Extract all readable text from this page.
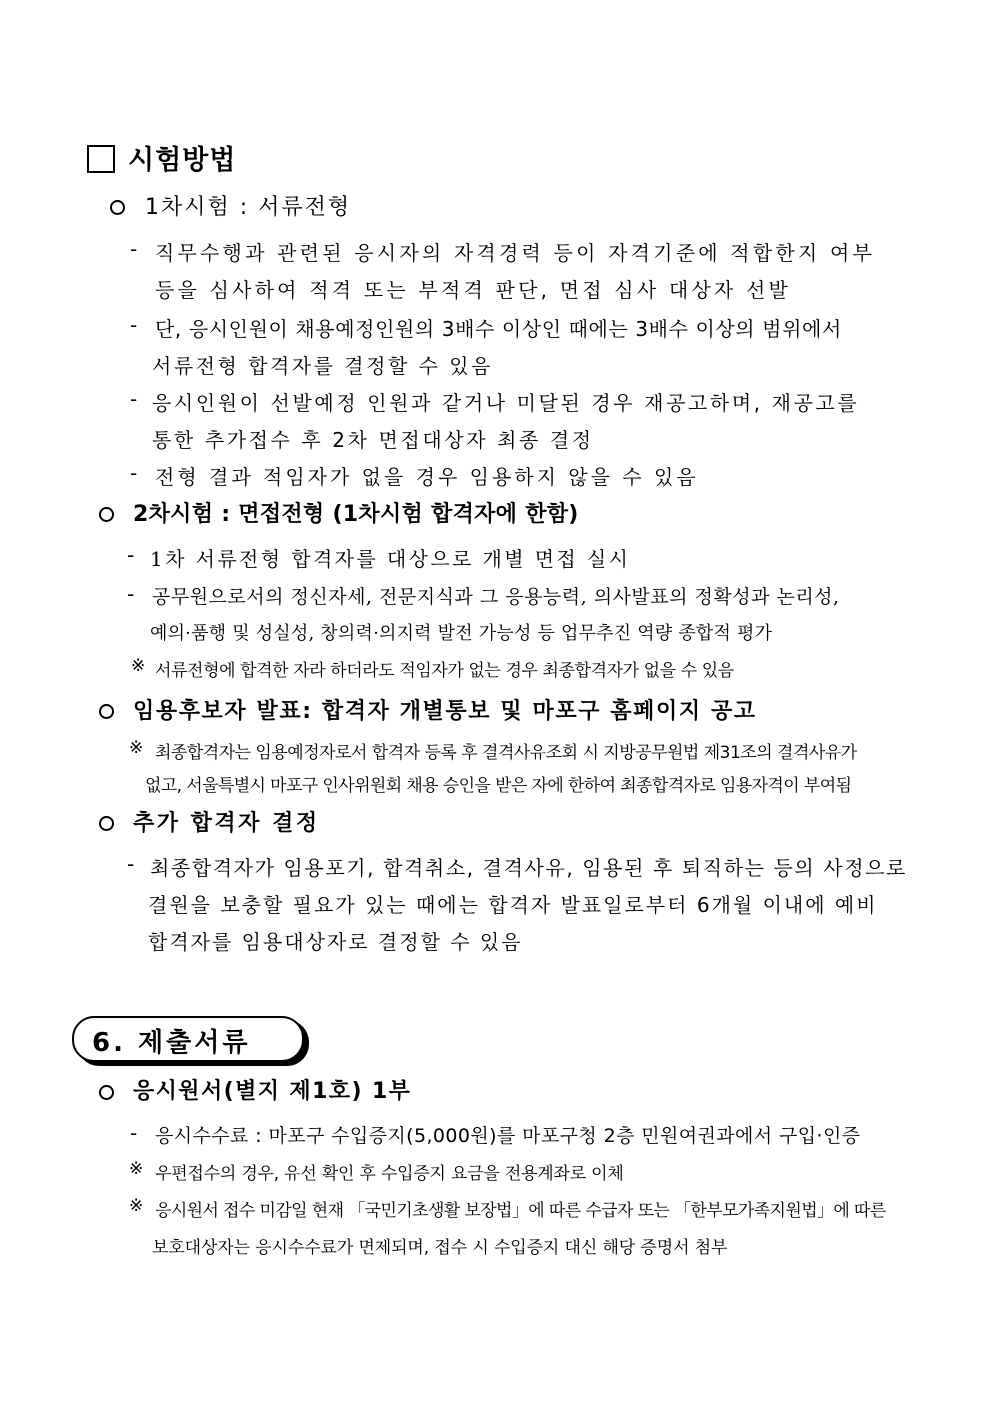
시험방법
1차시험 : 서류전형
- 직무수행과 관련된 응시자의 자격경력 등이 자격기준에 적합한지 여부
등을 심사하여 적격 또는 부적격 판단, 면접 심사 대상자 선발
- 단, 응시인원이 채용예정인원의 3배수 이상인 때에는 3배수 이상의 범위에서
서류전형 합격자를 결정할 수 있음
- 응시인원이 선발예정 인원과 같거나 미달된 경우 재공고하며, 재공고를
통한 추가접수 후 2차 면접대상자 최종 결정
- 전형 결과 적임자가 없을 경우 임용하지 않을 수 있음
2차시험 : 면접전형 (1차시험 합격자에 한함)
- 1차 서류전형 합격자를 대상으로 개별 면접 실시
- 공무원으로서의 정신자세, 전문지식과 그 응용능력, 의사발표의 정확성과 논리성,
예의·품행 및 성실성, 창의력·의지력 발전 가능성 등 업무추진 역량 종합적 평가
※ 서류전형에 합격한 자라 하더라도 적임자가 없는 경우 최종합격자가 없을 수 있음
임용후보자 발표: 합격자 개별통보 및 마포구 홈페이지 공고
※ 최종합격자는 임용예정자로서 합격자 등록 후 결격사유조회 시 지방공무원법 제31조의 결격사유가
없고, 서울특별시 마포구 인사위원회 채용 승인을 받은 자에 한하여 최종합격자로 임용자격이 부여됨
추가 합격자 결정
- 최종합격자가 임용포기, 합격취소, 결격사유, 임용된 후 퇴직하는 등의 사정으로
결원을 보충할 필요가 있는 때에는 합격자 발표일로부터 6개월 이내에 예비
합격자를 임용대상자로 결정할 수 있음
6. 제출서류
응시원서(별지 제1호) 1부
- 응시수수료 : 마포구 수입증지(5,000원)를 마포구청 2층 민원여권과에서 구입·인증
※ 우편접수의 경우, 유선 확인 후 수입증지 요금을 전용계좌로 이체
※ 응시원서 접수 미감일 현재 「국민기초생활 보장법」에 따른 수급자 또는 「한부모가족지원법」에 따른
보호대상자는 응시수수료가 면제되며, 접수 시 수입증지 대신 해당 증명서 첨부
